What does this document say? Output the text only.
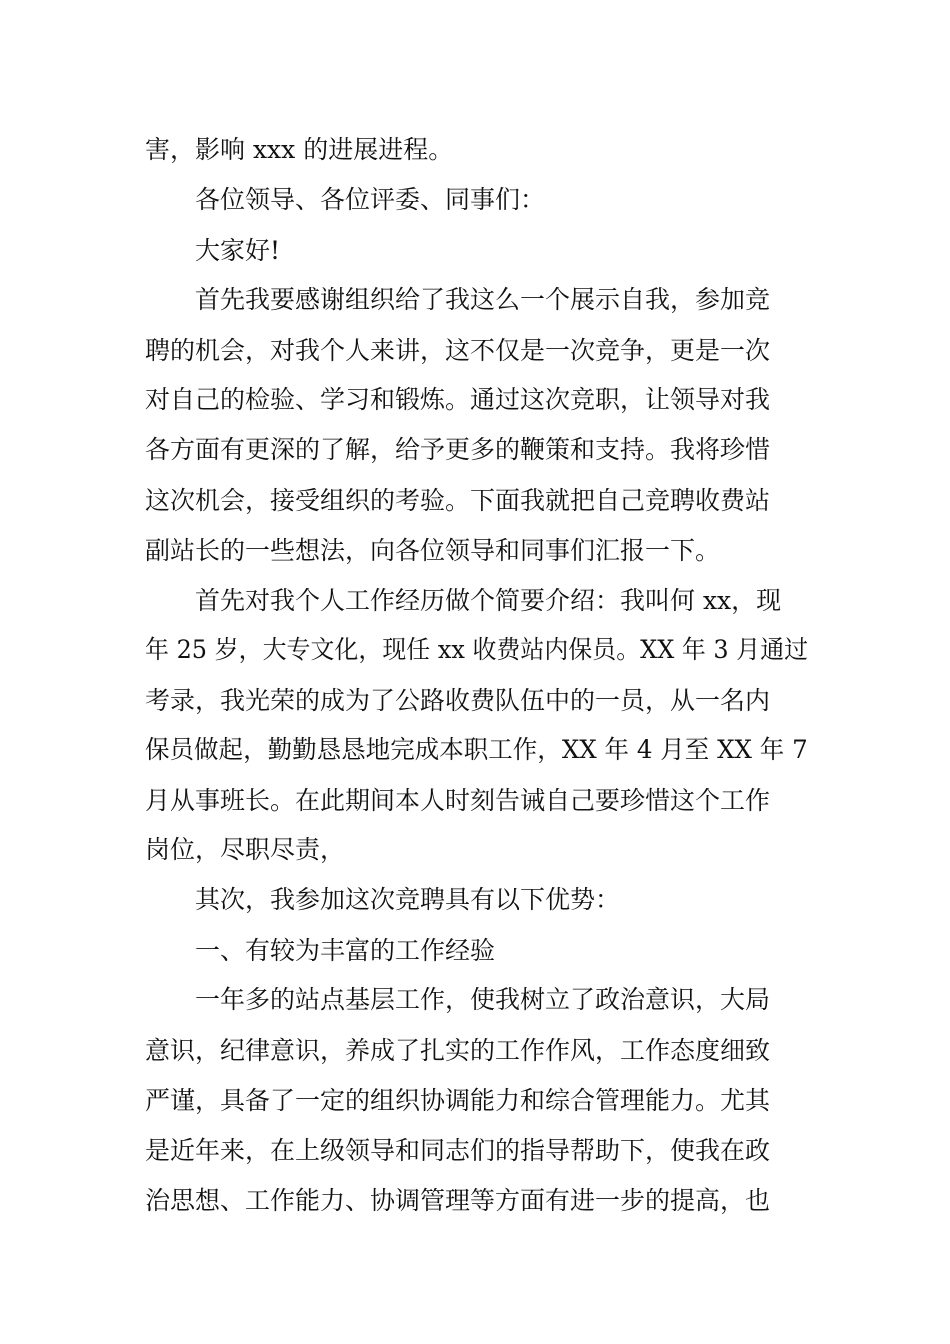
害，影响 xxx 的进展进程。

各位领导、各位评委、同事们：

大家好!

首先我要感谢组织给了我这么一个展示自我，参加竞

聘的机会，对我个人来讲，这不仅是一次竞争，更是一次

对自己的检验、学习和锻炼。通过这次竞职，让领导对我

各方面有更深的了解，给予更多的鞭策和支持。我将珍惜

这次机会，接受组织的考验。下面我就把自己竞聘收费站

副站长的一些想法，向各位领导和同事们汇报一下。

首先对我个人工作经历做个简要介绍：我叫何 xx，现

年 25 岁，大专文化，现任 xx 收费站内保员。XX 年 3 月通过

考录，我光荣的成为了公路收费队伍中的一员，从一名内

保员做起，勤勤恳恳地完成本职工作，XX 年 4 月至 XX 年 7

月从事班长。在此期间本人时刻告诫自己要珍惜这个工作

岗位，尽职尽责，

其次，我参加这次竞聘具有以下优势：

一、有较为丰富的工作经验

一年多的站点基层工作，使我树立了政治意识，大局

意识，纪律意识，养成了扎实的工作作风，工作态度细致

严谨，具备了一定的组织协调能力和综合管理能力。尤其

是近年来，在上级领导和同志们的指导帮助下，使我在政

治思想、工作能力、协调管理等方面有进一步的提高，也
